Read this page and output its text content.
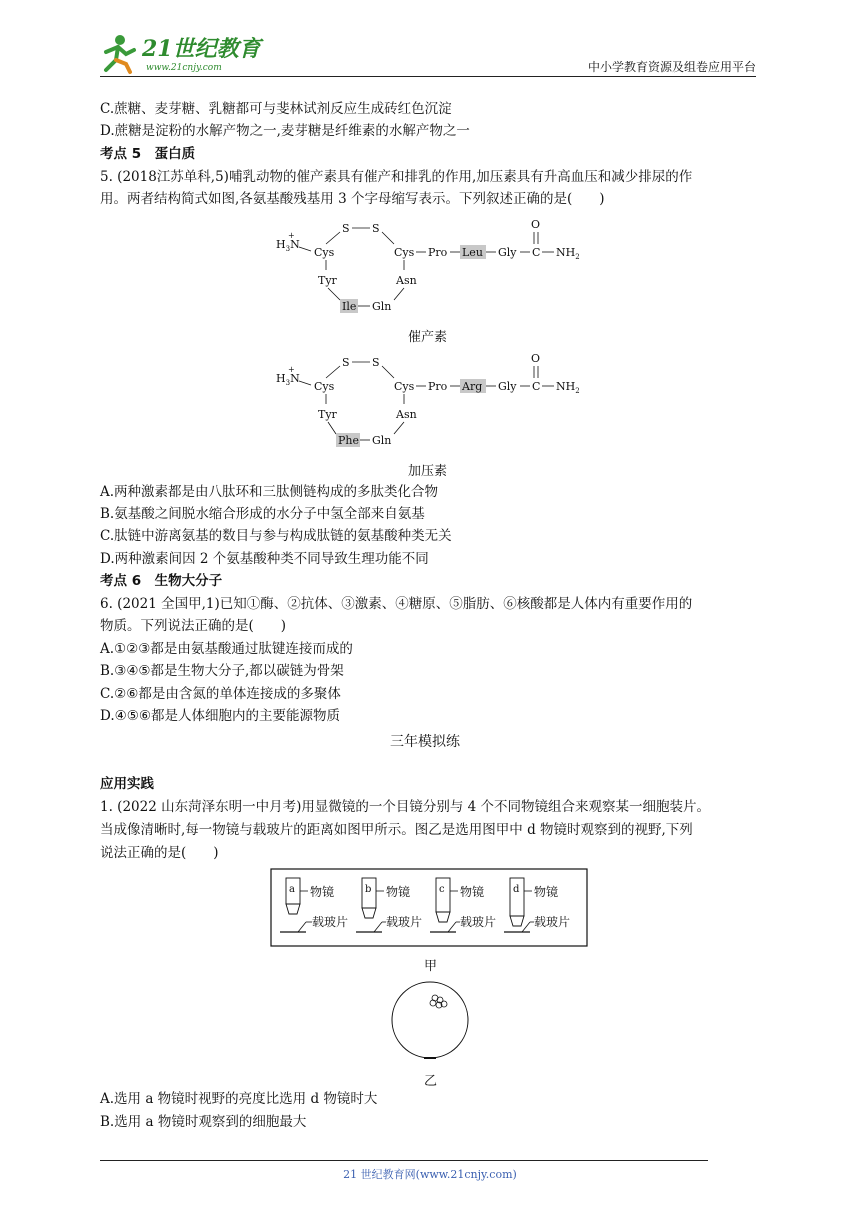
21世纪教育
www.21cnjy.com	中小学教育资源及组卷应用平台
C.蔗糖、麦芽糖、乳糖都可与斐林试剂反应生成砖红色沉淀
D.蔗糖是淀粉的水解产物之一,麦芽糖是纤维素的水解产物之一
考点 5　蛋白质
5. (2018江苏单科,5)哺乳动物的催产素具有催产和排乳的作用,加压素具有升高血压和减少排尿的作
用。两者结构简式如图,各氨基酸残基用 3 个字母缩写表示。下列叙述正确的是(　　)
$H_3N$
+
Cys
S S
Cys Pro Leu Gly C
O
$NH_2$
Tyr	Asn
Ile Gln
催产素
$H_3N$
+
Cys
S S
Cys Pro Arg Gly C
O
$NH_2$
Tyr	Asn
Phe Gln
加压素
A.两种激素都是由八肽环和三肽侧链构成的多肽类化合物
B.氨基酸之间脱水缩合形成的水分子中氢全部来自氨基
C.肽链中游离氨基的数目与参与构成肽链的氨基酸种类无关
D.两种激素间因 2 个氨基酸种类不同导致生理功能不同
考点 6　生物大分子
6. (2021 全国甲,1)已知①酶、②抗体、③激素、④糖原、⑤脂肪、⑥核酸都是人体内有重要作用的
物质。下列说法正确的是(　　)
A.①②③都是由氨基酸通过肽键连接而成的
B.③④⑤都是生物大分子,都以碳链为骨架
C.②⑥都是由含氮的单体连接成的多聚体
D.④⑤⑥都是人体细胞内的主要能源物质
三年模拟练
应用实践
1. (2022 山东菏泽东明一中月考)用显微镜的一个目镜分别与 4 个不同物镜组合来观察某一细胞装片。
当成像清晰时,每一物镜与载玻片的距离如图甲所示。图乙是选用图甲中 d 物镜时观察到的视野,下列
说法正确的是(　　)
a 物镜
载玻片
b 物镜
载玻片
c 物镜
载玻片
d 物镜
载玻片
甲
乙
A.选用 a 物镜时视野的亮度比选用 d 物镜时大
B.选用 a 物镜时观察到的细胞最大
21 世纪教育网(www.21cnjy.com)
